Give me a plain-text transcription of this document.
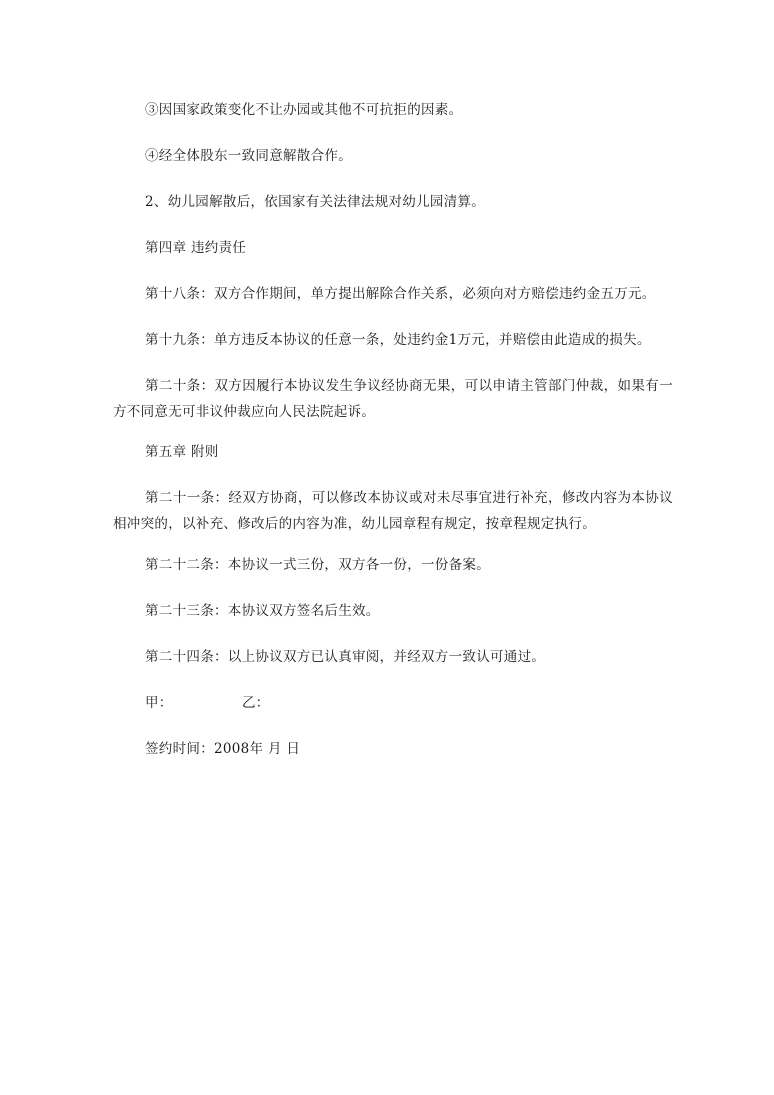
③因国家政策变化不让办园或其他不可抗拒的因素。

④经全体股东一致同意解散合作。

2、幼儿园解散后，依国家有关法律法规对幼儿园清算。

第四章 违约责任

第十八条：双方合作期间，单方提出解除合作关系，必须向对方赔偿违约金五万元。

第十九条：单方违反本协议的任意一条，处违约金1万元，并赔偿由此造成的损失。

第二十条：双方因履行本协议发生争议经协商无果，可以申请主管部门仲裁，如果有一方不同意无可非议仲裁应向人民法院起诉。

第五章 附则

第二十一条：经双方协商，可以修改本协议或对未尽事宜进行补充，修改内容为本协议相冲突的，以补充、修改后的内容为准，幼儿园章程有规定，按章程规定执行。

第二十二条：本协议一式三份，双方各一份，一份备案。

第二十三条：本协议双方签名后生效。

第二十四条：以上协议双方已认真审阅，并经双方一致认可通过。

甲：	乙：

签约时间：2008年 月 日
